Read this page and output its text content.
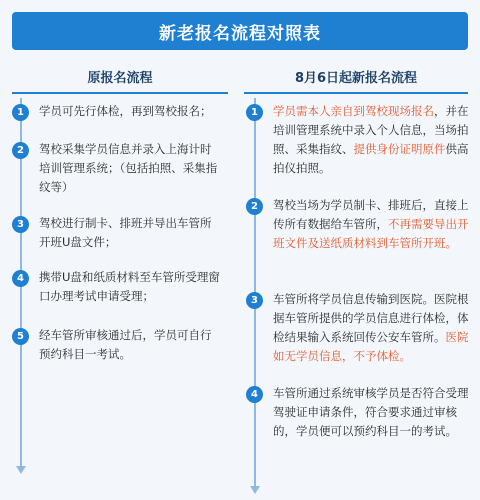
新老报名流程对照表
原报名流程	8月6日起新报名流程
1	学员可先行体检，再到驾校报名；
2	驾校采集学员信息并录入上海计时培训管理系统；（包括拍照、采集指纹等）
3	驾校进行制卡、排班并导出车管所开班U盘文件；
4	携带U盘和纸质材料至车管所受理窗口办理考试申请受理；
5	经车管所审核通过后，学员可自行预约科目一考试。
1	学员需本人亲自到驾校现场报名，并在培训管理系统中录入个人信息，当场拍照、采集指纹、提供身份证明原件供高拍仪拍照。
2	驾校当场为学员制卡、排班后，直接上传所有数据给车管所，不再需要导出开班文件及送纸质材料到车管所开班。
3	车管所将学员信息传输到医院。医院根据车管所提供的学员信息进行体检，体检结果输入系统回传公安车管所。医院如无学员信息，不予体检。
4	车管所通过系统审核学员是否符合受理驾驶证申请条件，符合要求通过审核的，学员便可以预约科目一的考试。
